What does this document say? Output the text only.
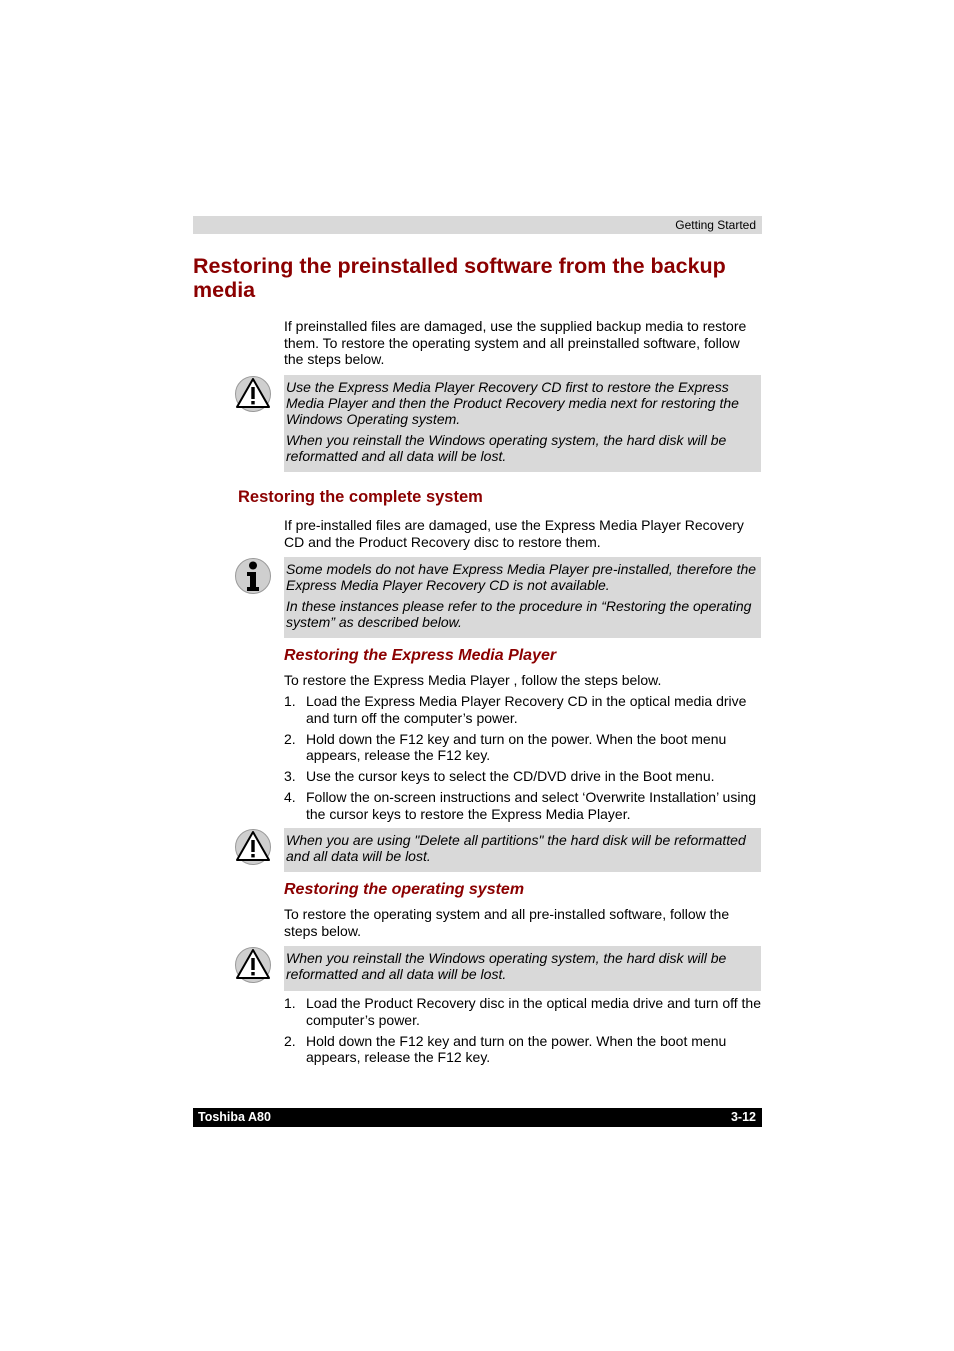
Getting Started
Restoring the preinstalled software from the backup media

If preinstalled files are damaged, use the supplied backup media to restore them. To restore the operating system and all preinstalled software, follow the steps below.

Use the Express Media Player Recovery CD first to restore the Express Media Player and then the Product Recovery media next for restoring the Windows Operating system.

When you reinstall the Windows operating system, the hard disk will be reformatted and all data will be lost.

Restoring the complete system

If pre-installed files are damaged, use the Express Media Player Recovery CD and the Product Recovery disc to restore them.

Some models do not have Express Media Player pre-installed, therefore the Express Media Player Recovery CD is not available.

In these instances please refer to the procedure in “Restoring the operating system” as described below.

Restoring the Express Media Player

To restore the Express Media Player , follow the steps below.

1. Load the Express Media Player Recovery CD in the optical media drive and turn off the computer’s power.
2. Hold down the F12 key and turn on the power. When the boot menu appears, release the F12 key.
3. Use the cursor keys to select the CD/DVD drive in the Boot menu.
4. Follow the on-screen instructions and select ‘Overwrite Installation’ using the cursor keys to restore the Express Media Player.

When you are using "Delete all partitions" the hard disk will be reformatted and all data will be lost.

Restoring the operating system

To restore the operating system and all pre-installed software, follow the steps below.

When you reinstall the Windows operating system, the hard disk will be reformatted and all data will be lost.

1. Load the Product Recovery disc in the optical media drive and turn off the computer’s power.
2. Hold down the F12 key and turn on the power. When the boot menu appears, release the F12 key.
Toshiba A80	3-12
